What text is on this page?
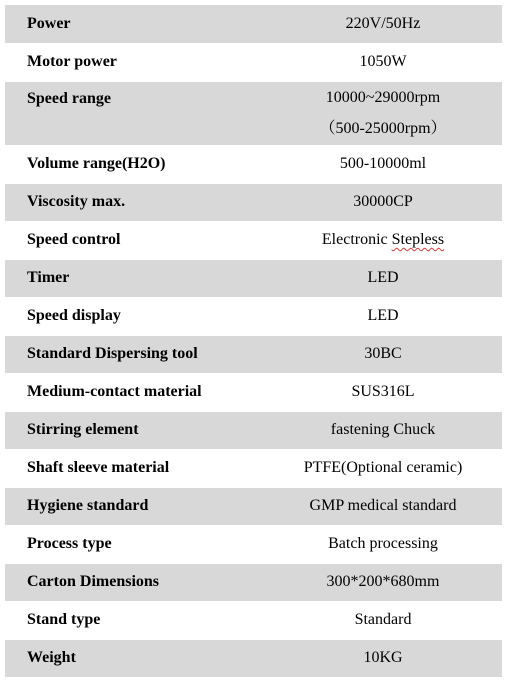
Power	220V/50Hz
Motor power	1050W
Speed range	10000~29000rpm
（500-25000rpm）

Volume range(H2O)	500-10000ml
Viscosity max.	30000CP
Speed control	Electronic Stepless
Timer	LED
Speed display	LED
Standard Dispersing tool	30BC
Medium-contact material	SUS316L
Stirring element	fastening Chuck
Shaft sleeve material	PTFE(Optional ceramic)
Hygiene standard	GMP medical standard
Process type	Batch processing
Carton Dimensions	300*200*680mm
Stand type	Standard
Weight	10KG
